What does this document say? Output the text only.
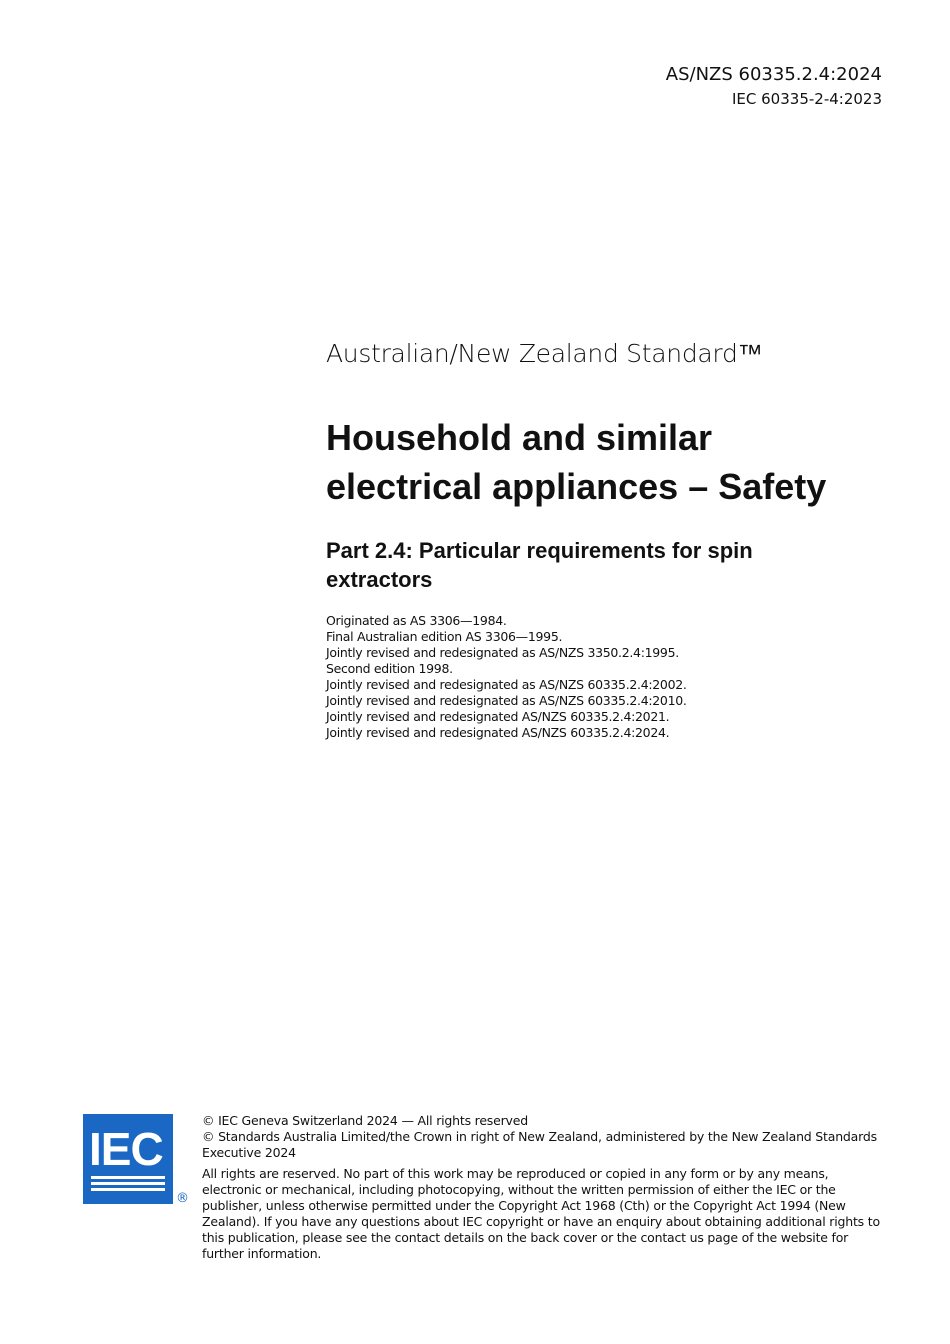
AS/NZS 60335.2.4:2024
IEC 60335-2-4:2023
Australian/New Zealand Standard™
Household and similar
electrical appliances – Safety
Part 2.4: Particular requirements for spin
extractors
Originated as AS 3306—1984.
Final Australian edition AS 3306—1995.
Jointly revised and redesignated as AS/NZS 3350.2.4:1995.
Second edition 1998.
Jointly revised and redesignated as AS/NZS 60335.2.4:2002.
Jointly revised and redesignated as AS/NZS 60335.2.4:2010.
Jointly revised and redesignated AS/NZS 60335.2.4:2021.
Jointly revised and redesignated AS/NZS 60335.2.4:2024.
IEC
®
© IEC Geneva Switzerland 2024 — All rights reserved
© Standards Australia Limited/the Crown in right of New Zealand, administered by the New Zealand Standards Executive 2024
All rights are reserved. No part of this work may be reproduced or copied in any form or by any means, electronic or mechanical, including photocopying, without the written permission of either the IEC or the publisher, unless otherwise permitted under the Copyright Act 1968 (Cth) or the Copyright Act 1994 (New Zealand). If you have any questions about IEC copyright or have an enquiry about obtaining additional rights to this publication, please see the contact details on the back cover or the contact us page of the website for further information.
